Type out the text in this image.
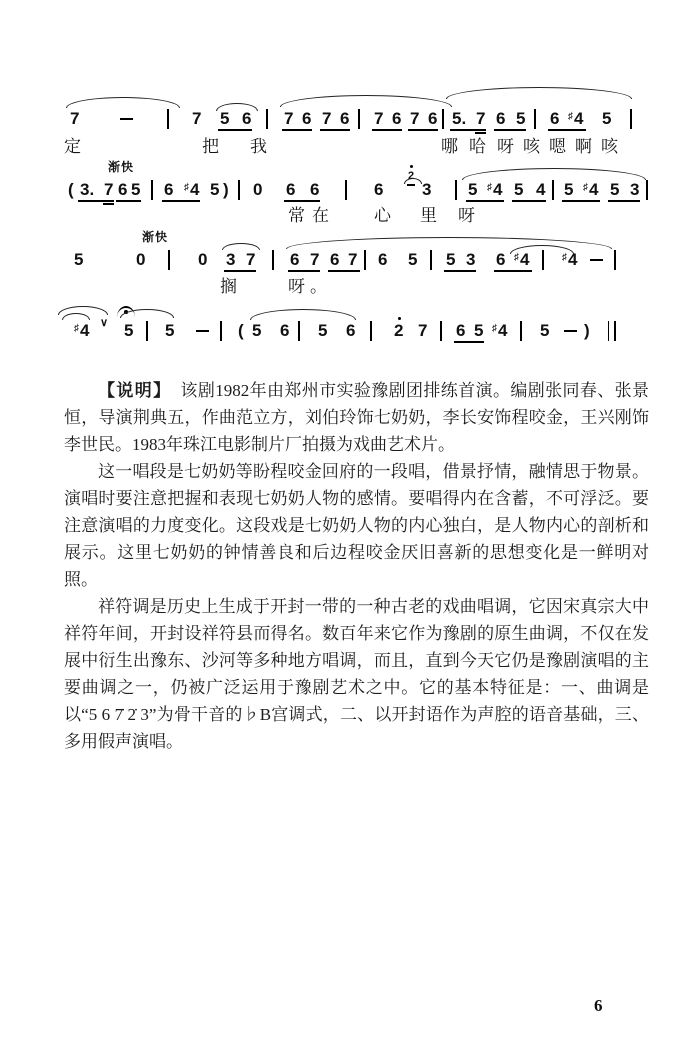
7	7 5 6 7 6 7 6 7 6 7 6 5. 7 6 5 6 ♯4 5
定	把 我	哪 哈 呀 咳 嗯 啊 咳
渐快
( 3. 7 6 5 6 ♯4 5 ) 0 6 6	6
2
3 5 ♯4 5 4 5 ♯4 5 3
常 在	心 里 呀
渐快
5	0	0 3 7 6 7 6 7 6 5 5 3 6 ♯4	♯4
搁	呀 。
♯4 ∨ 5 5	( 5 6 5 6 2 7 6 5 ♯4 5 )

【说明】　该剧1982年由郑州市实验豫剧团排练首演。编剧张同春、张景恒，导演荆典五，作曲范立方，刘伯玲饰七奶奶，李长安饰程咬金，王兴刚饰李世民。1983年珠江电影制片厂拍摄为戏曲艺术片。

这一唱段是七奶奶等盼程咬金回府的一段唱，借景抒情，融情思于物景。演唱时要注意把握和表现七奶奶人物的感情。要唱得内在含蓄，不可浮泛。要注意演唱的力度变化。这段戏是七奶奶人物的内心独白，是人物内心的剖析和展示。这里七奶奶的钟情善良和后边程咬金厌旧喜新的思想变化是一鲜明对照。

祥符调是历史上生成于开封一带的一种古老的戏曲唱调，它因宋真宗大中祥符年间，开封设祥符县而得名。数百年来它作为豫剧的原生曲调，不仅在发展中衍生出豫东、沙河等多种地方唱调，而且，直到今天它仍是豫剧演唱的主要曲调之一，仍被广泛运用于豫剧艺术之中。它的基本特征是：一、曲调是以“5 6 7̇ 2̇ 3”为骨干音的♭B宫调式，二、以开封语作为声腔的语音基础，三、多用假声演唱。

6
